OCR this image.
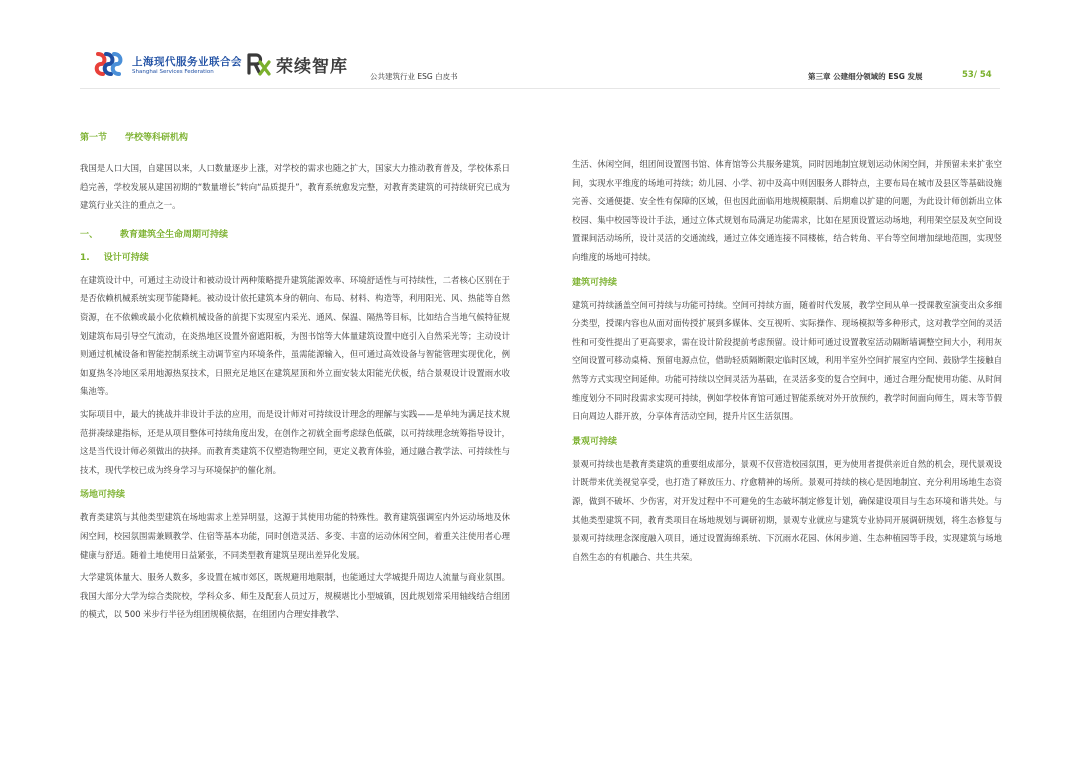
上海现代服务业联合会
Shanghai Services Federation	荣续智库	公共建筑行业 ESG 白皮书	第三章 公建细分领域的 ESG 发展	53/ 54
第一节 学校等科研机构

我国是人口大国，自建国以来，人口数量逐步上涨，对学校的需求也随之扩大，国家大力推动教育普及，学校体系日趋完善，学校发展从建国初期的“数量增长”转向“品质提升”，教育系统愈发完整，对教育类建筑的可持续研究已成为建筑行业关注的重点之一。

一、 教育建筑全生命周期可持续
1. 设计可持续

在建筑设计中，可通过主动设计和被动设计两种策略提升建筑能源效率、环境舒适性与可持续性，二者核心区别在于是否依赖机械系统实现节能降耗。被动设计依托建筑本身的朝向、布局、材料、构造等，利用阳光、风、热能等自然资源，在不依赖或最小化依赖机械设备的前提下实现室内采光、通风、保温、隔热等目标，比如结合当地气候特征规划建筑布局引导空气流动，在炎热地区设置外窗遮阳板，为图书馆等大体量建筑设置中庭引入自然采光等；主动设计则通过机械设备和智能控制系统主动调节室内环境条件，虽需能源输入，但可通过高效设备与智能管理实现优化，例如夏热冬冷地区采用地源热泵技术，日照充足地区在建筑屋顶和外立面安装太阳能光伏板，结合景观设计设置雨水收集池等。

实际项目中，最大的挑战并非设计手法的应用，而是设计师对可持续设计理念的理解与实践——是单纯为满足技术规范拼凑绿建指标，还是从项目整体可持续角度出发，在创作之初就全面考虑绿色低碳，以可持续理念统筹指导设计，这是当代设计师必须做出的抉择。而教育类建筑不仅塑造物理空间，更定义教育体验，通过融合教学法、可持续性与技术，现代学校已成为终身学习与环境保护的催化剂。

场地可持续

教育类建筑与其他类型建筑在场地需求上差异明显，这源于其使用功能的特殊性。教育建筑强调室内外运动场地及休闲空间，校园氛围需兼顾教学、住宿等基本功能，同时创造灵活、多变、丰富的运动休闲空间，着重关注使用者心理健康与舒适。随着土地使用日益紧张，不同类型教育建筑呈现出差异化发展。

大学建筑体量大、服务人数多，多设置在城市郊区，既规避用地限制，也能通过大学城提升周边人流量与商业氛围。我国大部分大学为综合类院校，学科众多、师生及配套人员过万，规模堪比小型城镇，因此规划常采用轴线结合组团的模式，以 500 米步行半径为组团规模依据，在组团内合理安排教学、

生活、休闲空间，组团间设置图书馆、体育馆等公共服务建筑，同时因地制宜规划运动休闲空间，并预留未来扩张空间，实现水平维度的场地可持续；幼儿园、小学、初中及高中则因服务人群特点，主要布局在城市及县区等基础设施完善、交通便捷、安全性有保障的区域，但也因此面临用地规模限制、后期难以扩建的问题，为此设计师创新出立体校园、集中校园等设计手法，通过立体式规划布局满足功能需求，比如在屋顶设置运动场地，利用架空层及灰空间设置课间活动场所，设计灵活的交通流线，通过立体交通连接不同楼栋，结合转角、平台等空间增加绿地范围，实现竖向维度的场地可持续。

建筑可持续

建筑可持续涵盖空间可持续与功能可持续。空间可持续方面，随着时代发展，教学空间从单一授课教室演变出众多细分类型，授课内容也从面对面传授扩展到多媒体、交互视听、实际操作、现场模拟等多种形式，这对教学空间的灵活性和可变性提出了更高要求，需在设计阶段提前考虑预留。设计师可通过设置教室活动隔断墙调整空间大小，利用灰空间设置可移动桌椅、预留电源点位，借助轻质隔断限定临时区域，利用半室外空间扩展室内空间、鼓励学生接触自然等方式实现空间延伸。功能可持续以空间灵活为基础，在灵活多变的复合空间中，通过合理分配使用功能、从时间维度划分不同时段需求实现可持续，例如学校体育馆可通过智能系统对外开放预约，教学时间面向师生，周末等节假日向周边人群开放，分享体育活动空间，提升片区生活氛围。

景观可持续

景观可持续也是教育类建筑的重要组成部分，景观不仅营造校园氛围，更为使用者提供亲近自然的机会，现代景观设计既带来优美视觉享受，也打造了释放压力、疗愈精神的场所。景观可持续的核心是因地制宜、充分利用场地生态资源，做到不破坏、少伤害，对开发过程中不可避免的生态破坏制定修复计划，确保建设项目与生态环境和谐共处。与其他类型建筑不同，教育类项目在场地规划与调研初期，景观专业就应与建筑专业协同开展调研规划，将生态修复与景观可持续理念深度融入项目，通过设置海绵系统、下沉雨水花园、休闲步道、生态种植园等手段，实现建筑与场地自然生态的有机融合、共生共荣。
